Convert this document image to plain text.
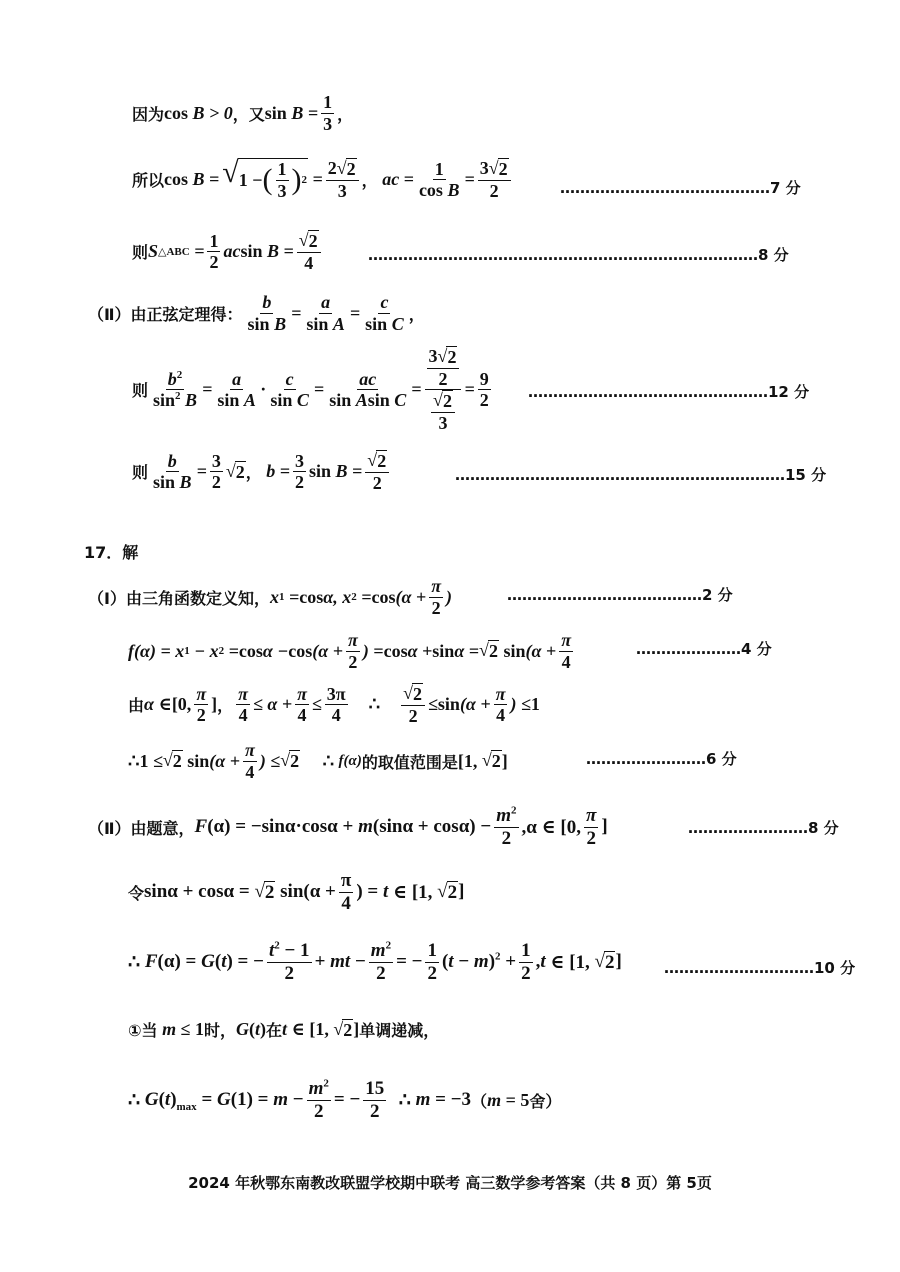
因为 cos B > 0 ，又 $\sin B = \frac{1}{3}$ ，
所以 cos B = √ 1 − ( $\frac{1}{3}$ ) $2 = \frac{2 √ 2}{3}$ ， ac = $\frac{1}{\text{cos B}} = \frac{3 √ 2}{2}$	……………………………………7 分
则 S △ABC = $\frac{1}{2}$ ac $\sin B = \frac{√ 2}{4}$	……………………………………………………………………8 分
（Ⅱ）由正弦定理得： $\frac{b}{\text{sin B}} = \frac{a}{\text{sin A}} = \frac{c}{\text{sin C}}$ ，
则 $\frac{b^2}{\sin^2 B} = \frac{a}{\text{sin A}} \cdot \frac{c}{\text{sin C}} = \frac{ac}{\text{sin Asin C}} = \frac{\frac{3 √ 2}{2}}{\frac{√ 2}{3}} = \frac{9}{2}$ …………………………………………12 分
则 $\frac{b}{\text{sin B}} = \frac{3}{2}$ √ 2 ， $b = \frac{3}{2}$ $\sin B = \frac{√ 2}{2}$	…………………………………………………………15 分
17．解
（Ⅰ）由三角函数定义知， x 1 = cos α, x $2 = \cos (\alpha + \frac{\pi}{2}$ )	…………………………………2 分
f(α) = x 1 − x $2 = \cos \alpha - \cos (\alpha + \frac{\pi}{2}$ ) = cos α + sin α = √ 2
$\sin (\alpha + \frac{\pi}{4}$	…………………4 分
由 α ∈ [0, $\frac{\pi}{2}$ ] ， $\frac{\pi}{4} \le \alpha + \frac{\pi}{4} \le \frac{3\pi}{4}$
∴
$\frac{√ 2}{2} \le \sin (\alpha + \frac{\pi}{4}$ ) ≤ 1
∴ 1 ≤ √ 2
$\sin (\alpha + \frac{\pi}{4}$ ) ≤ √ 2
∴
f(α) 的取值范围是 [1, √ 2 ]	……………………6 分
（Ⅱ）由题意， F (α) = −sinα·cosα + m $(\sin\alpha + \cos\alpha) - \frac{m^2}{2} ,\alpha$ ∈ [0, $\frac{\pi}{2}$ ]	……………………8 分
令 sinα + cosα = √ 2 $\sin(\alpha + \frac{\pi}{4}$ ) = t ∈ [1, √ 2 ]
∴ F (α) = G ( t ) = − $\frac{t^2 - 1}{2}$ + mt − $\frac{m^2}{2}$ = − $\frac{1}{2}$ ( t − m )$^2 + \frac{1}{2}$ , t ∈ [1, √ 2 ]	…………………………10 分
①当 m ≤ 1 时， G ( t ) 在 t ∈ [1, √ 2 ] 单调递减，
∴ G ( t )$_{max} = G$ $(1) = m - \frac{m^2}{2}$ = − $\frac{15}{2}$
∴ m = −3 （ m = 5 舍）
2024 年秋鄂东南教改联盟学校期中联考 高三数学参考答案（共 8 页）第 5页
